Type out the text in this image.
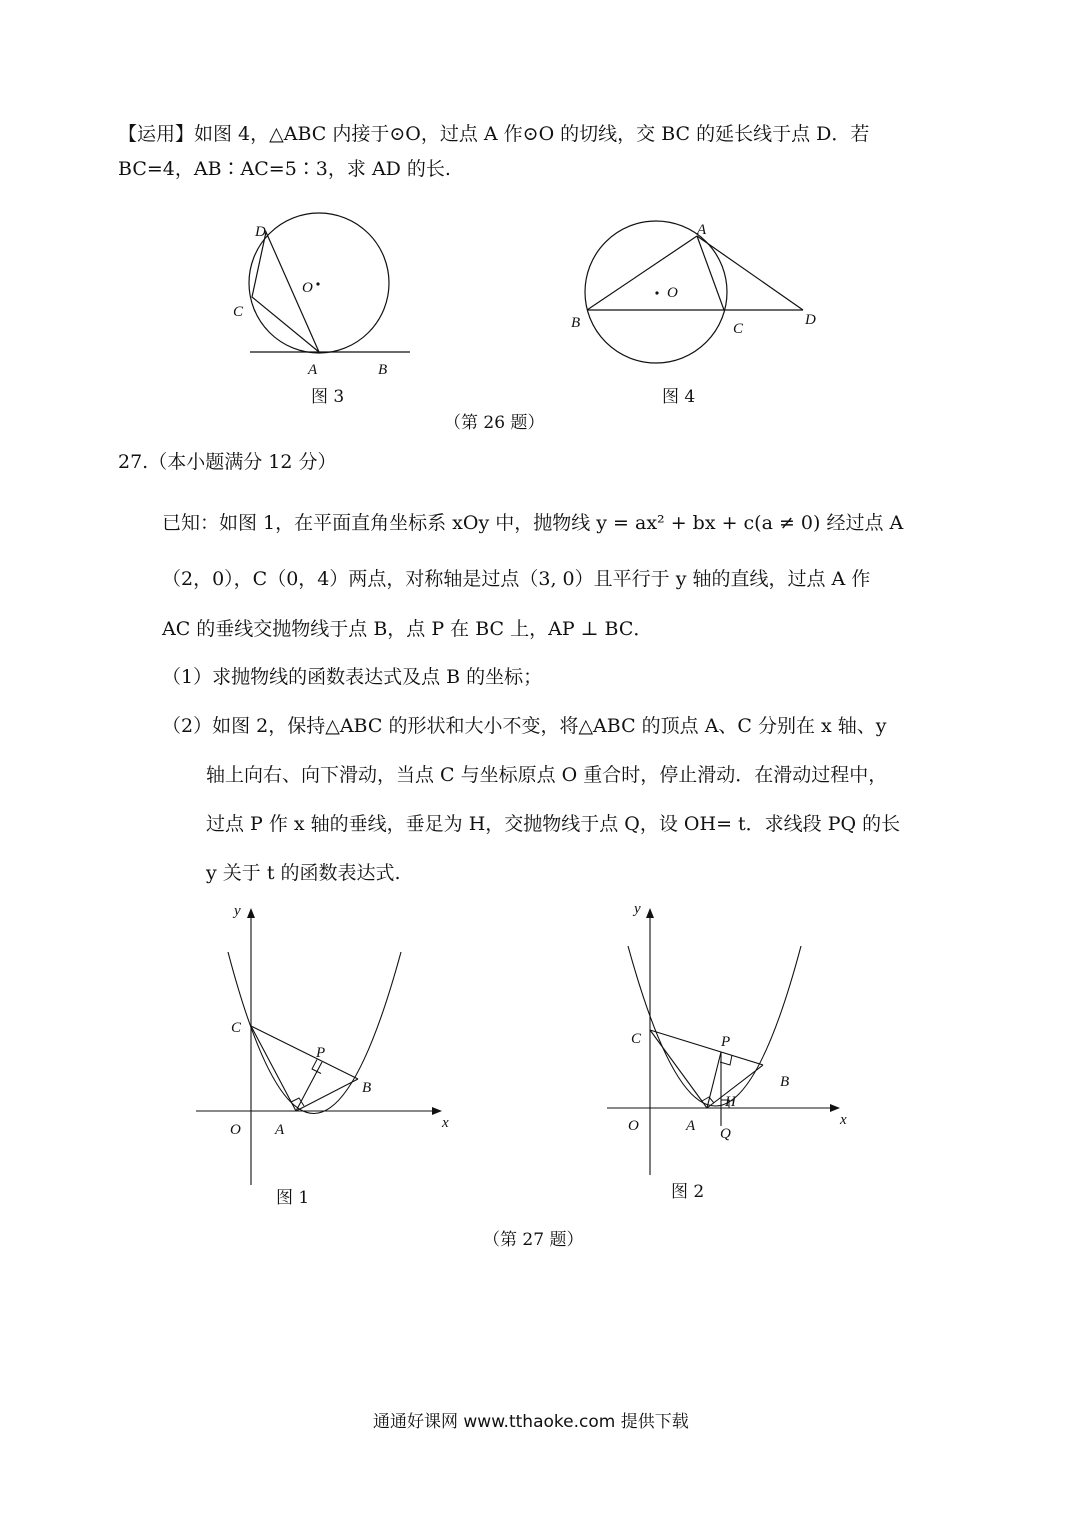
【运用】如图 4，△ABC 内接于⊙O，过点 A 作⊙O 的切线，交 BC 的延长线于点 D．若
BC=4，AB∶AC=5∶3，求 AD 的长.
D
C
O
A	B
图 3
A
O
B	C
D
图 4
（第 26 题）
27.（本小题满分 12 分）
已知：如图 1，在平面直角坐标系 xOy 中，抛物线 y = ax² + bx + c(a ≠ 0) 经过点 A
（2，0），C（0，4）两点，对称轴是过点（3, 0）且平行于 y 轴的直线，过点 A 作
AC 的垂线交抛物线于点 B，点 P 在 BC 上，AP ⊥ BC．
（1）求抛物线的函数表达式及点 B 的坐标；
（2）如图 2，保持△ABC 的形状和大小不变，将△ABC 的顶点 A、C 分别在 x 轴、y
轴上向右、向下滑动，当点 C 与坐标原点 O 重合时，停止滑动．在滑动过程中，
过点 P 作 x 轴的垂线，垂足为 H，交抛物线于点 Q，设 OH= t．求线段 PQ 的长
y 关于 t 的函数表达式.
y
x
O A
C
P
B
图 1
y
x
O	A Q
H
C	P
B
图 2
（第 27 题）
通通好课网 www.tthaoke.com 提供下载
